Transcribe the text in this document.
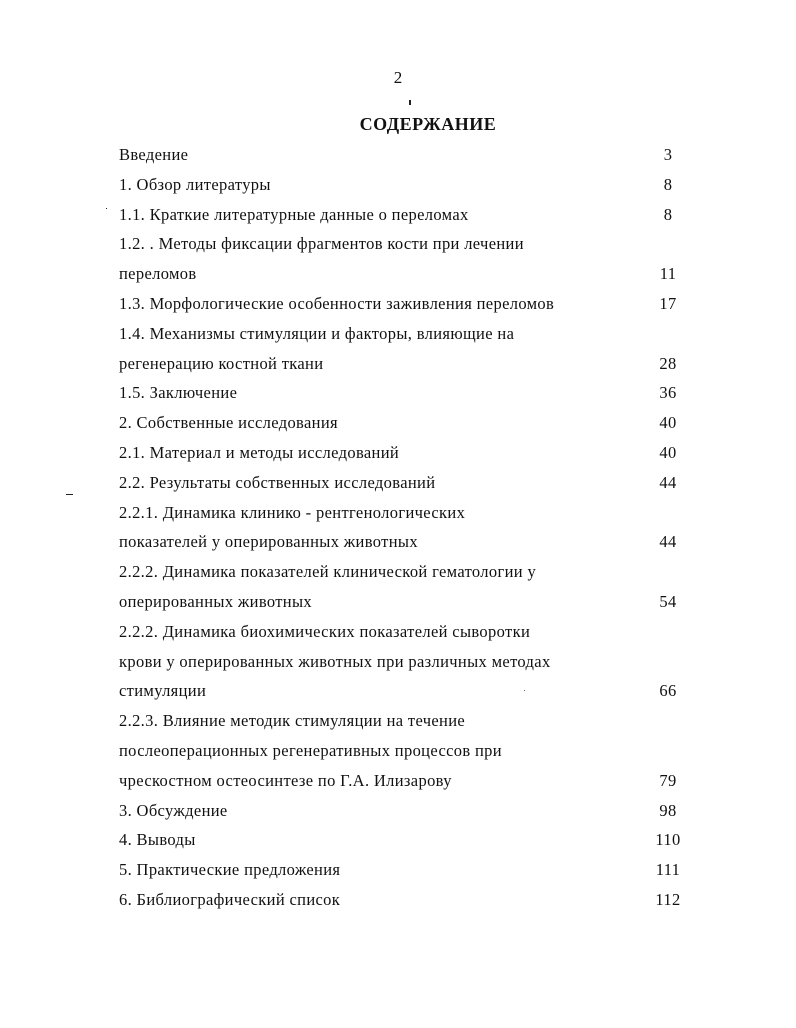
2
СОДЕРЖАНИЕ
Введение	3
1. Обзор литературы	8
1.1. Краткие литературные данные о переломах	8
1.2. . Методы фиксации фрагментов кости при лечении
переломов	11
1.3. Морфологические особенности заживления переломов	17
1.4. Механизмы стимуляции и факторы, влияющие на
регенерацию костной ткани	28
1.5. Заключение	36
2. Собственные исследования	40
2.1. Материал и методы исследований	40
2.2. Результаты собственных исследований	44
2.2.1. Динамика клинико - рентгенологических
показателей у оперированных животных	44
2.2.2. Динамика показателей клинической гематологии у
оперированных животных	54
2.2.2. Динамика биохимических показателей сыворотки
крови у оперированных животных при различных методах
стимуляции	66
2.2.3. Влияние методик стимуляции на течение
послеоперационных регенеративных процессов при
чрескостном остеосинтезе по Г.А. Илизарову	79
3. Обсуждение	98
4. Выводы	110
5. Практические предложения	111
6. Библиографический список	112
